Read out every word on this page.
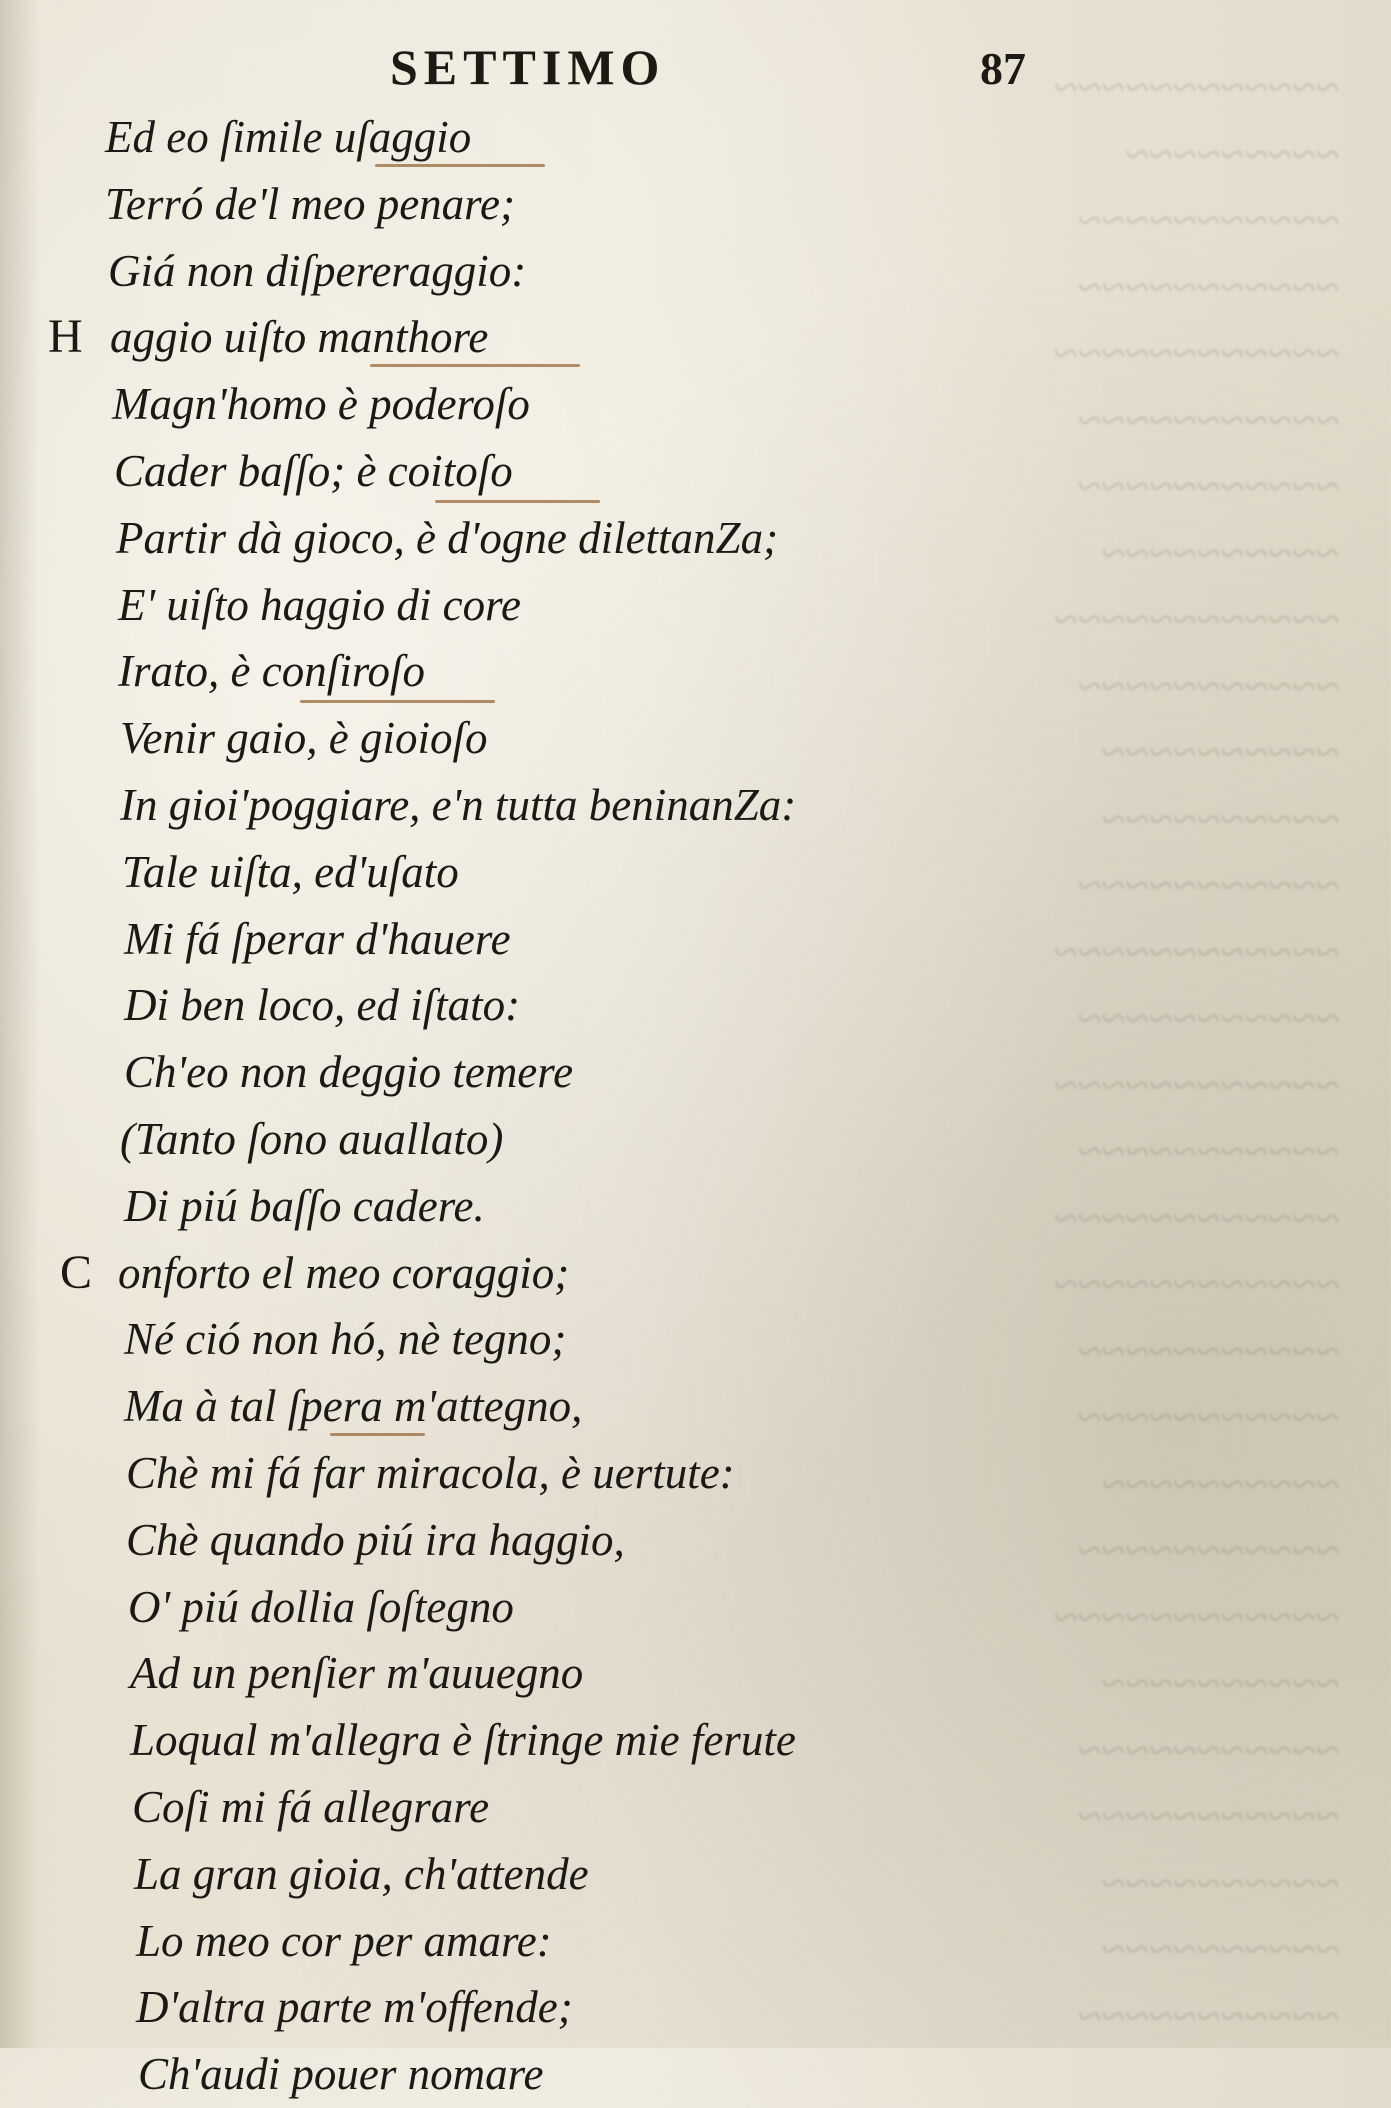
~~~~~~~~~~~~
~~~~~~~~~
~~~~~~~~~~~
~~~~~~~~~~~
~~~~~~~~~~~~
~~~~~~~~~~~
~~~~~~~~~~~
~~~~~~~~~~
~~~~~~~~~~~~
~~~~~~~~~~~
~~~~~~~~~~
~~~~~~~~~~
~~~~~~~~~~~
~~~~~~~~~~~~
~~~~~~~~~~~
~~~~~~~~~~~~
~~~~~~~~~~~
~~~~~~~~~~~~
~~~~~~~~~~~~
~~~~~~~~~~~
~~~~~~~~~~~
~~~~~~~~~~
~~~~~~~~~~~
~~~~~~~~~~~~
~~~~~~~~~~
~~~~~~~~~~~
~~~~~~~~~~~
~~~~~~~~~~
~~~~~~~~~~
~~~~~~~~~~~
SETTIMO	87
Ed eo ſimile uſaggio
Terró de'l meo penare;
Giá non diſpereraggio:
H aggio uiſto manthore
Magn'homo è poderoſo
Cader baſſo; è coitoſo
Partir dà gioco, è d'ogne dilettanZa;
E' uiſto haggio di core
Irato, è conſiroſo
Venir gaio, è gioioſo
In gioi'poggiare, e'n tutta beninanZa:
Tale uiſta, ed'uſato
Mi fá ſperar d'hauere
Di ben loco, ed iſtato:
Ch'eo non deggio temere
(Tanto ſono auallato)
Di piú baſſo cadere.
C onforto el meo coraggio;
Né ció non hó, nè tegno;
Ma à tal ſpera m'attegno,
Chè mi fá far miracola, è uertute:
Chè quando piú ira haggio,
O' piú dollia ſoſtegno
Ad un penſier m'auuegno
Loqual m'allegra è ſtringe mie ferute
Coſi mi fá allegrare
La gran gioia, ch'attende
Lo meo cor per amare:
D'altra parte m'offende;
Ch'audi pouer nomare
